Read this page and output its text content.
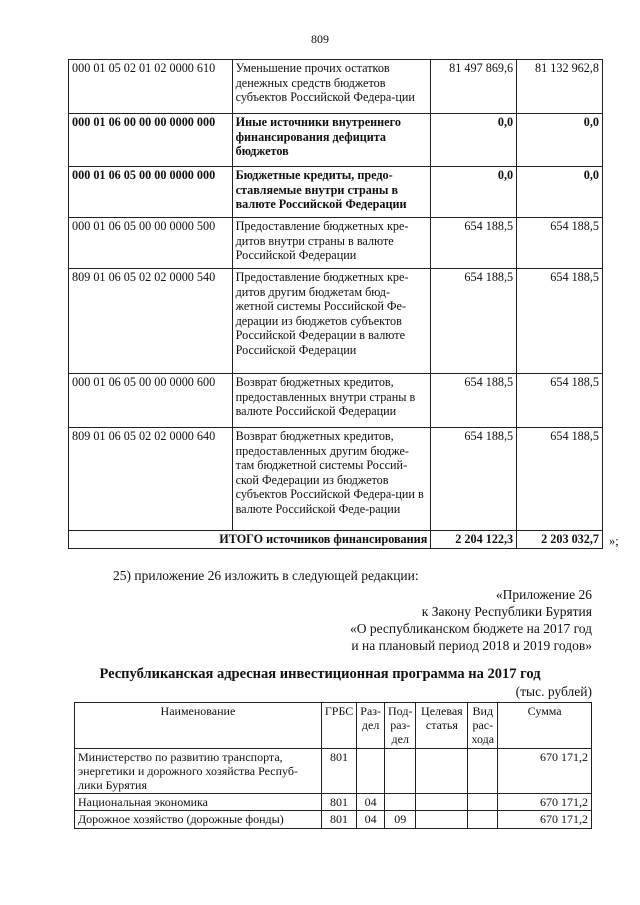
809
000 01 05 02 01 02 0000 610	Уменьшение прочих остатков денежных средств бюджетов субъектов Российской Федера-ции	81 497 869,6	81 132 962,8
000 01 06 00 00 00 0000 000	Иные источники внутреннего финансирования дефицита бюджетов	0,0	0,0
000 01 06 05 00 00 0000 000	Бюджетные кредиты, предо-ставляемые внутри страны в валюте Российской Федерации	0,0	0,0
000 01 06 05 00 00 0000 500	Предоставление бюджетных кре-дитов внутри страны в валюте Российской Федерации	654 188,5	654 188,5
809 01 06 05 02 02 0000 540	Предоставление бюджетных кре-дитов другим бюджетам бюд-жетной системы Российской Фе-дерации из бюджетов субъектов Российской Федерации в валюте Российской Федерации	654 188,5	654 188,5
000 01 06 05 00 00 0000 600	Возврат бюджетных кредитов, предоставленных внутри страны в валюте Российской Федерации	654 188,5	654 188,5
809 01 06 05 02 02 0000 640	Возврат бюджетных кредитов, предоставленных другим бюдже-там бюджетной системы Россий-ской Федерации из бюджетов субъектов Российской Федера-ции в валюте Российской Феде-рации	654 188,5	654 188,5
ИТОГО источников финансирования		2 204 122,3	2 203 032,7 »;
25) приложение 26 изложить в следующей редакции:
«Приложение 26
к Закону Республики Бурятия
«О республиканском бюджете на 2017 год
и на плановый период 2018 и 2019 годов»
Республиканская адресная инвестиционная программа на 2017 год
(тыс. рублей)
Наименование	ГРБС	Раз-дел	Под-раз-дел	Целевая статья	Вид рас-хода	Сумма
Министерство по развитию транспорта, энергетики и дорожного хозяйства Респуб-лики Бурятия	801					670 171,2
Национальная экономика	801	04				670 171,2
Дорожное хозяйство (дорожные фонды)	801	04	09			670 171,2
